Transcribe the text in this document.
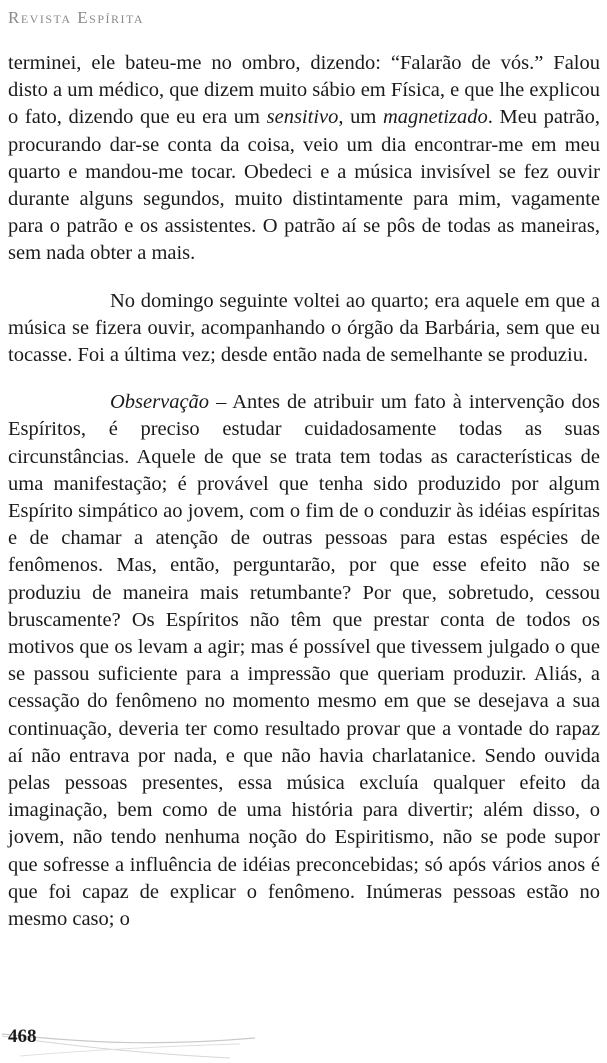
Revista Espírita

terminei, ele bateu-me no ombro, dizendo: “Falarão de vós.” Falou disto a um médico, que dizem muito sábio em Física, e que lhe explicou o fato, dizendo que eu era um sensitivo, um magnetizado. Meu patrão, procurando dar-se conta da coisa, veio um dia encontrar-me em meu quarto e mandou-me tocar. Obedeci e a música invisível se fez ouvir durante alguns segundos, muito distintamente para mim, vagamente para o patrão e os assistentes. O patrão aí se pôs de todas as maneiras, sem nada obter a mais.

No domingo seguinte voltei ao quarto; era aquele em que a música se fizera ouvir, acompanhando o órgão da Barbária, sem que eu tocasse. Foi a última vez; desde então nada de semelhante se produziu.

Observação – Antes de atribuir um fato à intervenção dos Espíritos, é preciso estudar cuidadosamente todas as suas circunstâncias. Aquele de que se trata tem todas as características de uma manifestação; é provável que tenha sido produzido por algum Espírito simpático ao jovem, com o fim de o conduzir às idéias espíritas e de chamar a atenção de outras pessoas para estas espécies de fenômenos. Mas, então, perguntarão, por que esse efeito não se produziu de maneira mais retumbante? Por que, sobretudo, cessou bruscamente? Os Espíritos não têm que prestar conta de todos os motivos que os levam a agir; mas é possível que tivessem julgado o que se passou suficiente para a impressão que queriam produzir. Aliás, a cessação do fenômeno no momento mesmo em que se desejava a sua continuação, deveria ter como resultado provar que a vontade do rapaz aí não entrava por nada, e que não havia charlatanice. Sendo ouvida pelas pessoas presentes, essa música excluía qualquer efeito da imaginação, bem como de uma história para divertir; além disso, o jovem, não tendo nenhuma noção do Espiritismo, não se pode supor que sofresse a influência de idéias preconcebidas; só após vários anos é que foi capaz de explicar o fenômeno. Inúmeras pessoas estão no mesmo caso; o

468
